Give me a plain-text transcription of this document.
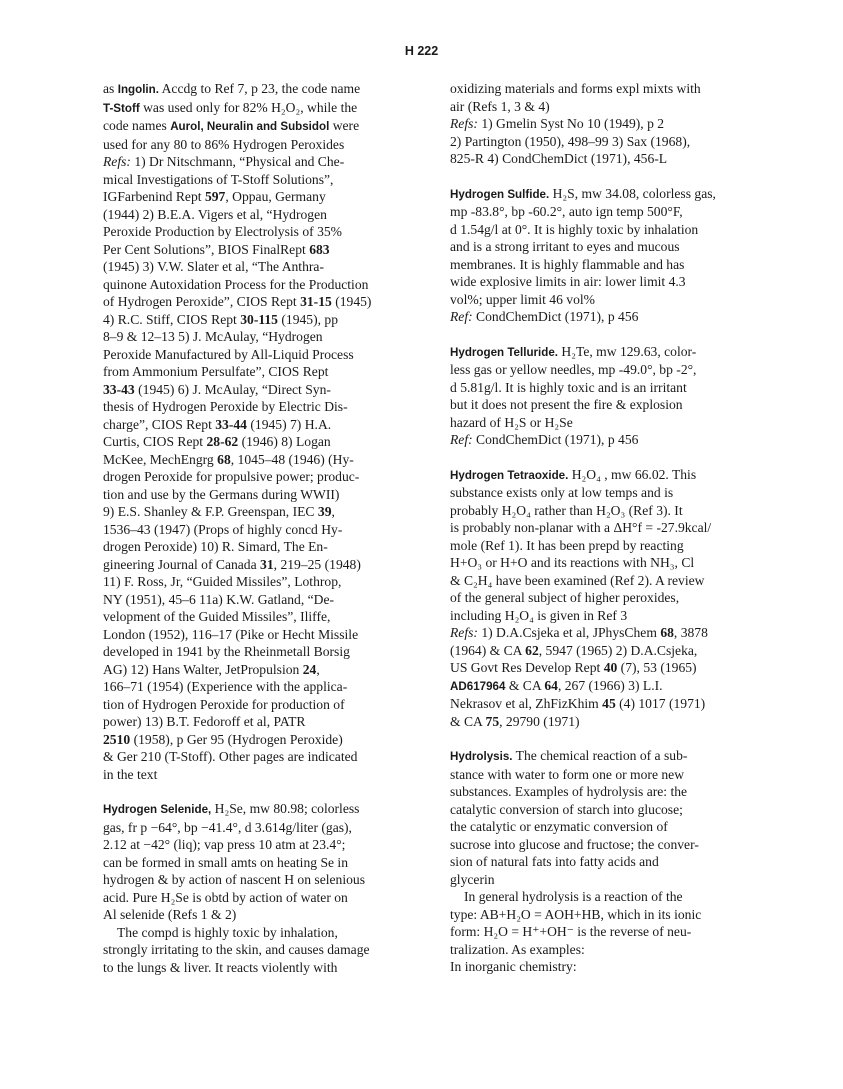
H 222
as Ingolin. Accdg to Ref 7, p 23, the code name
T-Stoff was used only for 82% H₂O₂, while the
code names Aurol, Neuralin and Subsidol were
used for any 80 to 86% Hydrogen Peroxides
Refs: 1) Dr Nitschmann, “Physical and Che-
mical Investigations of T-Stoff Solutions”,
IGFarbenind Rept 597, Oppau, Germany
(1944) 2) B.E.A. Vigers et al, “Hydrogen
Peroxide Production by Electrolysis of 35%
Per Cent Solutions”, BIOS FinalRept 683
(1945) 3) V.W. Slater et al, “The Anthra-
quinone Autoxidation Process for the Production
of Hydrogen Peroxide”, CIOS Rept 31-15 (1945)
4) R.C. Stiff, CIOS Rept 30-115 (1945), pp
8–9 & 12–13 5) J. McAulay, “Hydrogen
Peroxide Manufactured by All-Liquid Process
from Ammonium Persulfate”, CIOS Rept
33-43 (1945) 6) J. McAulay, “Direct Syn-
thesis of Hydrogen Peroxide by Electric Dis-
charge”, CIOS Rept 33-44 (1945) 7) H.A.
Curtis, CIOS Rept 28-62 (1946) 8) Logan
McKee, MechEngrg 68, 1045–48 (1946) (Hy-
drogen Peroxide for propulsive power; produc-
tion and use by the Germans during WWII)
9) E.S. Shanley & F.P. Greenspan, IEC 39,
1536–43 (1947) (Props of highly concd Hy-
drogen Peroxide) 10) R. Simard, The En-
gineering Journal of Canada 31, 219–25 (1948)
11) F. Ross, Jr, “Guided Missiles”, Lothrop,
NY (1951), 45–6 11a) K.W. Gatland, “De-
velopment of the Guided Missiles”, Iliffe,
London (1952), 116–17 (Pike or Hecht Missile
developed in 1941 by the Rheinmetall Borsig
AG) 12) Hans Walter, JetPropulsion 24,
166–71 (1954) (Experience with the applica-
tion of Hydrogen Peroxide for production of
power) 13) B.T. Fedoroff et al, PATR
2510 (1958), p Ger 95 (Hydrogen Peroxide)
& Ger 210 (T-Stoff). Other pages are indicated
in the text
Hydrogen Selenide, H₂Se, mw 80.98; colorless
gas, fr p −64°, bp −41.4°, d 3.614g/liter (gas),
2.12 at −42° (liq); vap press 10 atm at 23.4°;
can be formed in small amts on heating Se in
hydrogen & by action of nascent H on selenious
acid. Pure H₂Se is obtd by action of water on
Al selenide (Refs 1 & 2)
The compd is highly toxic by inhalation,
strongly irritating to the skin, and causes damage
to the lungs & liver. It reacts violently with
oxidizing materials and forms expl mixts with
air (Refs 1, 3 & 4)
Refs: 1) Gmelin Syst No 10 (1949), p 2
2) Partington (1950), 498–99 3) Sax (1968),
825-R 4) CondChemDict (1971), 456-L
Hydrogen Sulfide. H₂S, mw 34.08, colorless gas,
mp -83.8°, bp -60.2°, auto ign temp 500°F,
d 1.54g/l at 0°. It is highly toxic by inhalation
and is a strong irritant to eyes and mucous
membranes. It is highly flammable and has
wide explosive limits in air: lower limit 4.3
vol%; upper limit 46 vol%
Ref: CondChemDict (1971), p 456
Hydrogen Telluride. H₂Te, mw 129.63, color-
less gas or yellow needles, mp -49.0°, bp -2°,
d 5.81g/l. It is highly toxic and is an irritant
but it does not present the fire & explosion
hazard of H₂S or H₂Se
Ref: CondChemDict (1971), p 456
Hydrogen Tetraoxide. H₂O₄ , mw 66.02. This
substance exists only at low temps and is
probably H₂O₄ rather than H₂O₃ (Ref 3). It
is probably non-planar with a ΔH°f = -27.9kcal/
mole (Ref 1). It has been prepd by reacting
H+O₃ or H+O and its reactions with NH₃, Cl
& C₂H₄ have been examined (Ref 2). A review
of the general subject of higher peroxides,
including H₂O₄ is given in Ref 3
Refs: 1) D.A.Csjeka et al, JPhysChem 68, 3878
(1964) & CA 62, 5947 (1965) 2) D.A.Csjeka,
US Govt Res Develop Rept 40 (7), 53 (1965)
AD617964 & CA 64, 267 (1966) 3) L.I.
Nekrasov et al, ZhFizKhim 45 (4) 1017 (1971)
& CA 75, 29790 (1971)
Hydrolysis. The chemical reaction of a sub-
stance with water to form one or more new
substances. Examples of hydrolysis are: the
catalytic conversion of starch into glucose;
the catalytic or enzymatic conversion of
sucrose into glucose and fructose; the conver-
sion of natural fats into fatty acids and
glycerin
In general hydrolysis is a reaction of the
type: AB+H₂O = AOH+HB, which in its ionic
form: H₂O = H⁺+OH⁻ is the reverse of neu-
tralization. As examples:
In inorganic chemistry:
